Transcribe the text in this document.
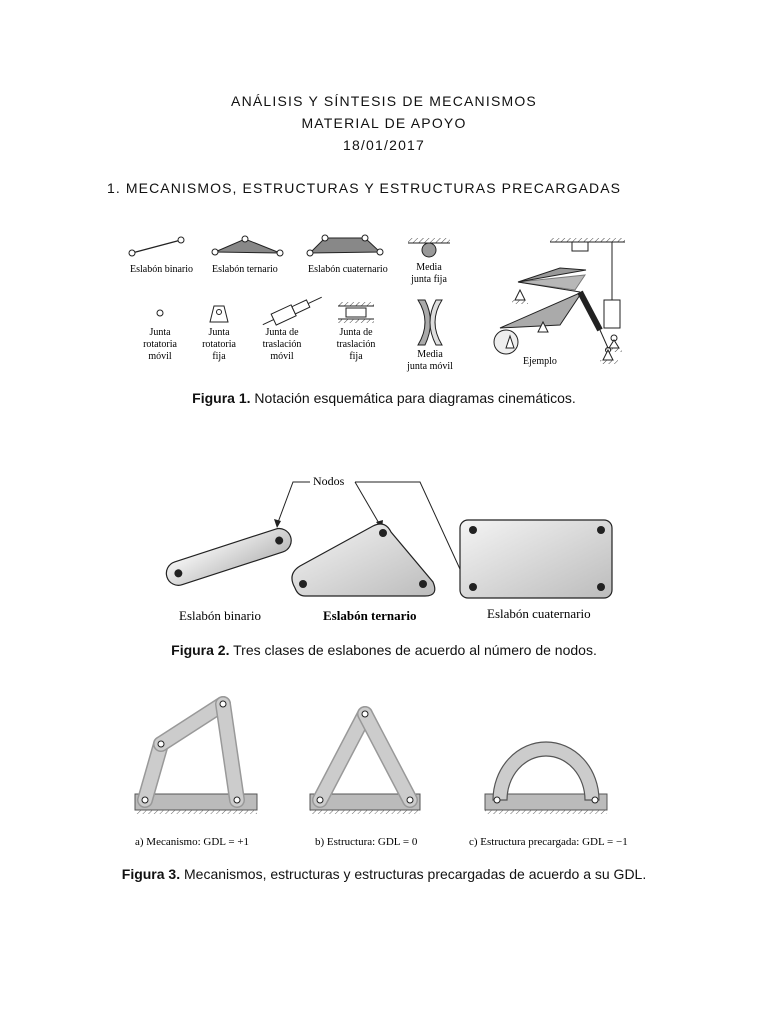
ANÁLISIS Y SÍNTESIS DE MECANISMOS
MATERIAL DE APOYO
18/01/2017
1. MECANISMOS, ESTRUCTURAS Y ESTRUCTURAS PRECARGADAS
Eslabón binario Eslabón ternario	Eslabón cuaternario	Media
junta fija
Junta
rotatoria
móvil
Junta
rotatoria
fija
Junta de
traslación
móvil
Junta de
traslación
fija	Media
junta móvil	Ejemplo
Figura 1. Notación esquemática para diagramas cinemáticos.
Nodos
Eslabón binario	Eslabón ternario	Eslabón cuaternario
Figura 2. Tres clases de eslabones de acuerdo al número de nodos.
a) Mecanismo: GDL = +1	b) Estructura: GDL = 0	c) Estructura precargada: GDL = −1
Figura 3. Mecanismos, estructuras y estructuras precargadas de acuerdo a su GDL.
